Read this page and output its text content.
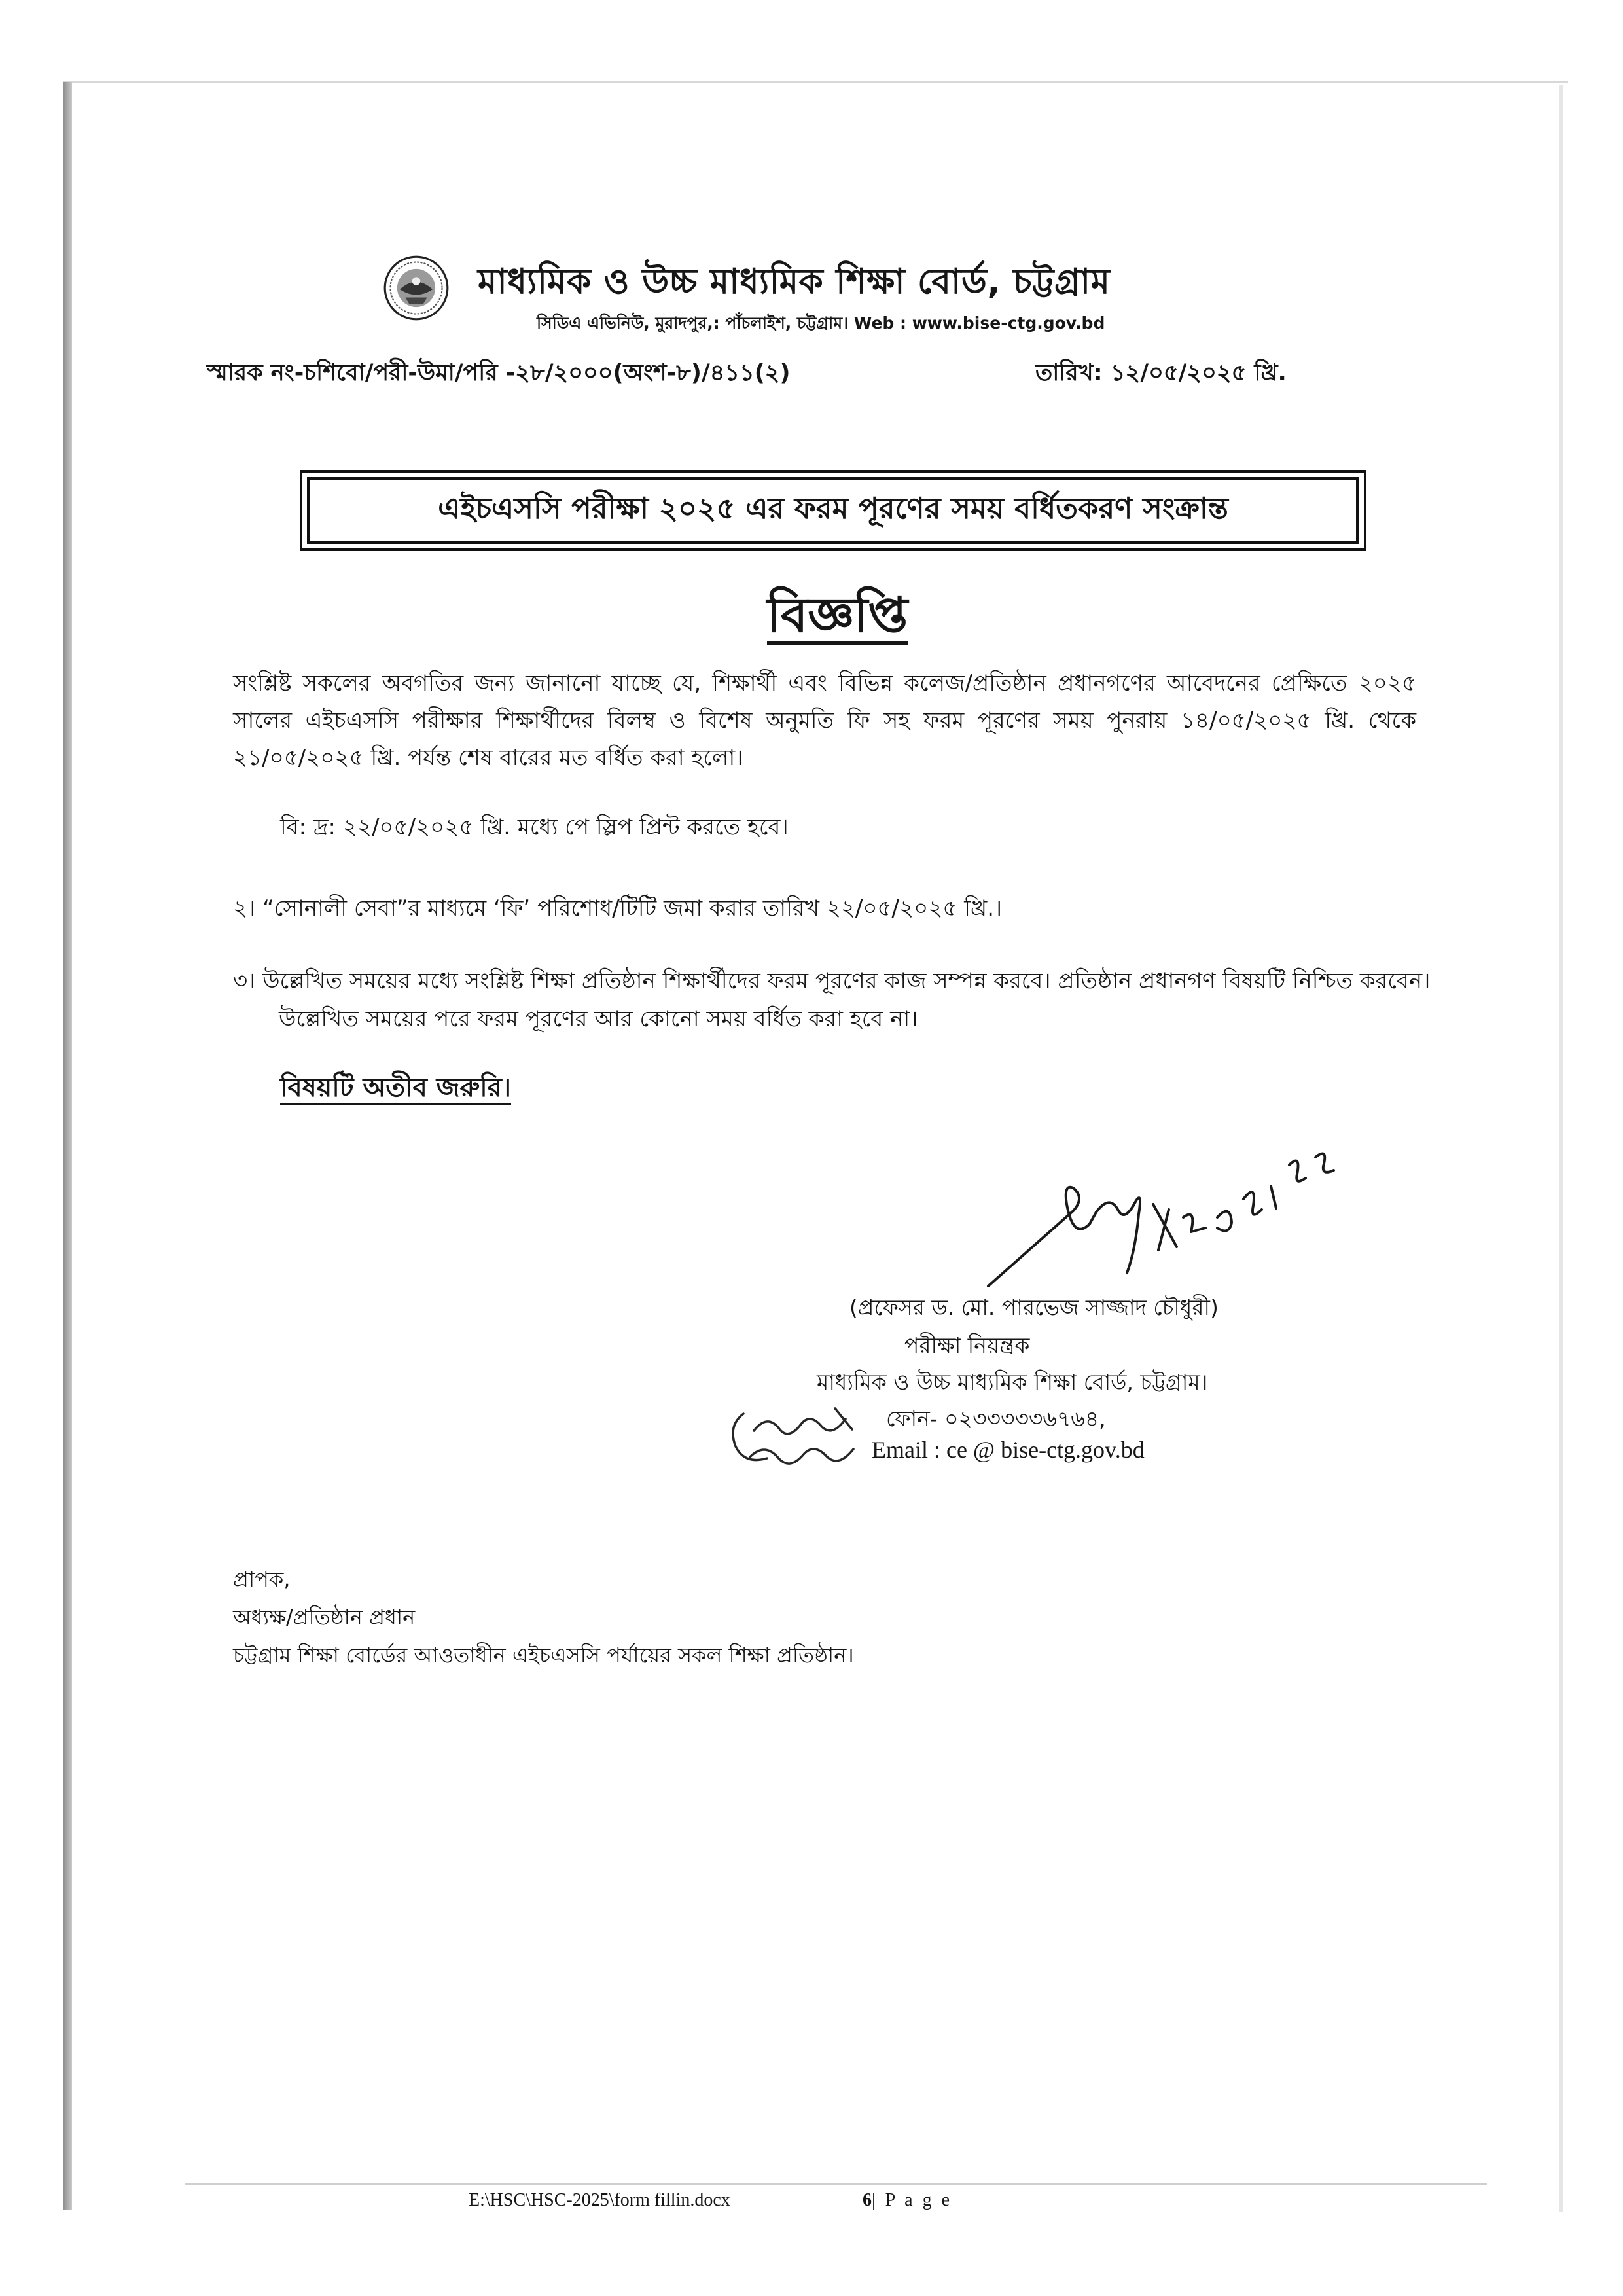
মাধ্যমিক ও উচ্চ মাধ্যমিক শিক্ষা বোর্ড, চট্টগ্রাম
সিডিএ এভিনিউ, মুরাদপুর,: পাঁচলাইশ, চট্টগ্রাম। Web : www.bise-ctg.gov.bd
স্মারক নং-চশিবো/পরী-উমা/পরি -২৮/২০০০(অংশ-৮)/৪১১(২)	তারিখ: ১২/০৫/২০২৫ খ্রি.
এইচএসসি পরীক্ষা ২০২৫ এর ফরম পূরণের সময় বর্ধিতকরণ সংক্রান্ত
বিজ্ঞপ্তি

সংশ্লিষ্ট সকলের অবগতির জন্য জানানো যাচ্ছে যে, শিক্ষার্থী এবং বিভিন্ন কলেজ/প্রতিষ্ঠান প্রধানগণের আবেদনের প্রেক্ষিতে ২০২৫ সালের এইচএসসি পরীক্ষার শিক্ষার্থীদের বিলম্ব ও বিশেষ অনুমতি ফি সহ ফরম পূরণের সময় পুনরায় ১৪/০৫/২০২৫ খ্রি. থেকে ২১/০৫/২০২৫ খ্রি. পর্যন্ত শেষ বারের মত বর্ধিত করা হলো।

বি: দ্র: ২২/০৫/২০২৫ খ্রি. মধ্যে পে স্লিপ প্রিন্ট করতে হবে।
২। “সোনালী সেবা”র মাধ্যমে ‘ফি’ পরিশোধ/টিটি জমা করার তারিখ ২২/০৫/২০২৫ খ্রি.।

৩। উল্লেখিত সময়ের মধ্যে সংশ্লিষ্ট শিক্ষা প্রতিষ্ঠান শিক্ষার্থীদের ফরম পূরণের কাজ সম্পন্ন করবে। প্রতিষ্ঠান প্রধানগণ বিষয়টি নিশ্চিত করবেন। উল্লেখিত সময়ের পরে ফরম পূরণের আর কোনো সময় বর্ধিত করা হবে না।

বিষয়টি অতীব জরুরি।
(প্রফেসর ড. মো. পারভেজ সাজ্জাদ চৌধুরী)
পরীক্ষা নিয়ন্ত্রক
মাধ্যমিক ও উচ্চ মাধ্যমিক শিক্ষা বোর্ড, চট্টগ্রাম।
ফোন- ০২৩৩৩৩৩৬৭৬৪,
Email : ce @ bise-ctg.gov.bd
প্রাপক,
অধ্যক্ষ/প্রতিষ্ঠান প্রধান
চট্টগ্রাম শিক্ষা বোর্ডের আওতাধীন এইচএসসি পর্যায়ের সকল শিক্ষা প্রতিষ্ঠান।
E:\HSC\HSC-2025\form fillin.docx	6| P a g e
